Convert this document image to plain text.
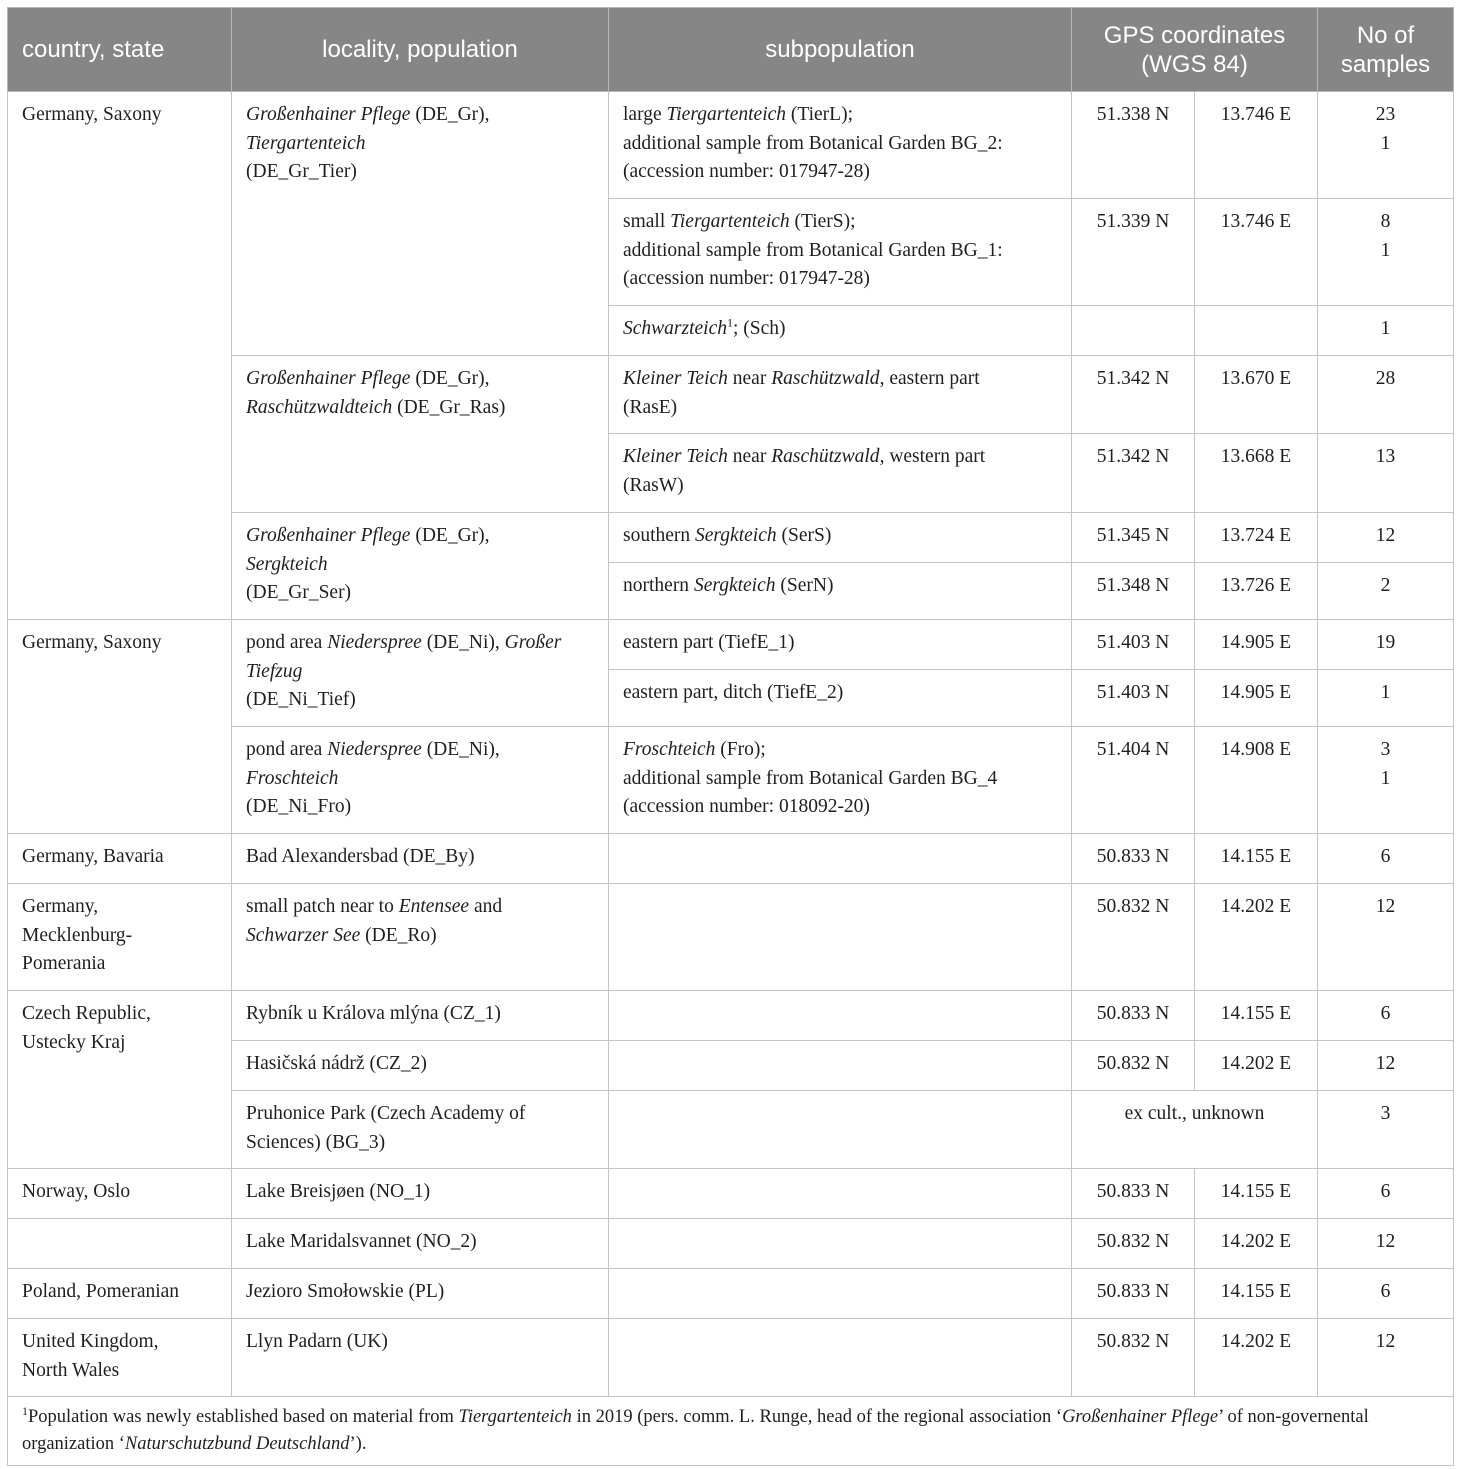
country, state	locality, population	subpopulation	GPS coordinates
(WGS 84)		No of
samples

Germany, Saxony	Großenhainer Pflege (DE_Gr),
Tiergartenteich
(DE_Gr_Tier)	large Tiergartenteich (TierL);
additional sample from Botanical Garden BG_2:
(accession number: 017947-28)	51.338 N	13.746 E	23
1

		small Tiergartenteich (TierS);
additional sample from Botanical Garden BG_1:
(accession number: 017947-28)	51.339 N	13.746 E	8
1

		Schwarzteich$^1$; (Sch)			1

	Großenhainer Pflege (DE_Gr),
Raschützwaldteich (DE_Gr_Ras)	Kleiner Teich near Raschützwald, eastern part
(RasE)	51.342 N	13.670 E	28

		Kleiner Teich near Raschützwald, western part
(RasW)	51.342 N	13.668 E	13

	Großenhainer Pflege (DE_Gr),
Sergkteich
(DE_Gr_Ser)	southern Sergkteich (SerS)	51.345 N	13.724 E	12
		northern Sergkteich (SerN)	51.348 N	13.726 E	2
Germany, Saxony	pond area Niederspree (DE_Ni), Großer
Tiefzug
(DE_Ni_Tief)	eastern part (TiefE_1)	51.403 N	14.905 E	19
		eastern part, ditch (TiefE_2)	51.403 N	14.905 E	1

	pond area Niederspree (DE_Ni),
Froschteich
(DE_Ni_Fro)	Froschteich (Fro);
additional sample from Botanical Garden BG_4
(accession number: 018092-20)	51.404 N	14.908 E	3
1

Germany, Bavaria	Bad Alexandersbad (DE_By)		50.833 N	14.155 E	6

Germany,
Mecklenburg-
Pomerania	small patch near to Entensee and
Schwarzer See (DE_Ro)		50.832 N	14.202 E	12

Czech Republic,
Ustecky Kraj	Rybník u Králova mlýna (CZ_1)		50.833 N	14.155 E	6
	Hasičská nádrž (CZ_2)		50.832 N	14.202 E	12

	Pruhonice Park (Czech Academy of
Sciences) (BG_3)		ex cult., unknown		3
Norway, Oslo	Lake Breisjøen (NO_1)		50.833 N	14.155 E	6
	Lake Maridalsvannet (NO_2)		50.832 N	14.202 E	12
Poland, Pomeranian	Jezioro Smołowskie (PL)		50.833 N	14.155 E	6

United Kingdom,
North Wales	Llyn Padarn (UK)		50.832 N	14.202 E	12
$^1$Population was newly established based on material from Tiergartenteich in 2019 (pers. comm. L. Runge, head of the regional association ‘Großenhainer Pflege’ of non-governental organization ‘Naturschutzbund Deutschland’).					
